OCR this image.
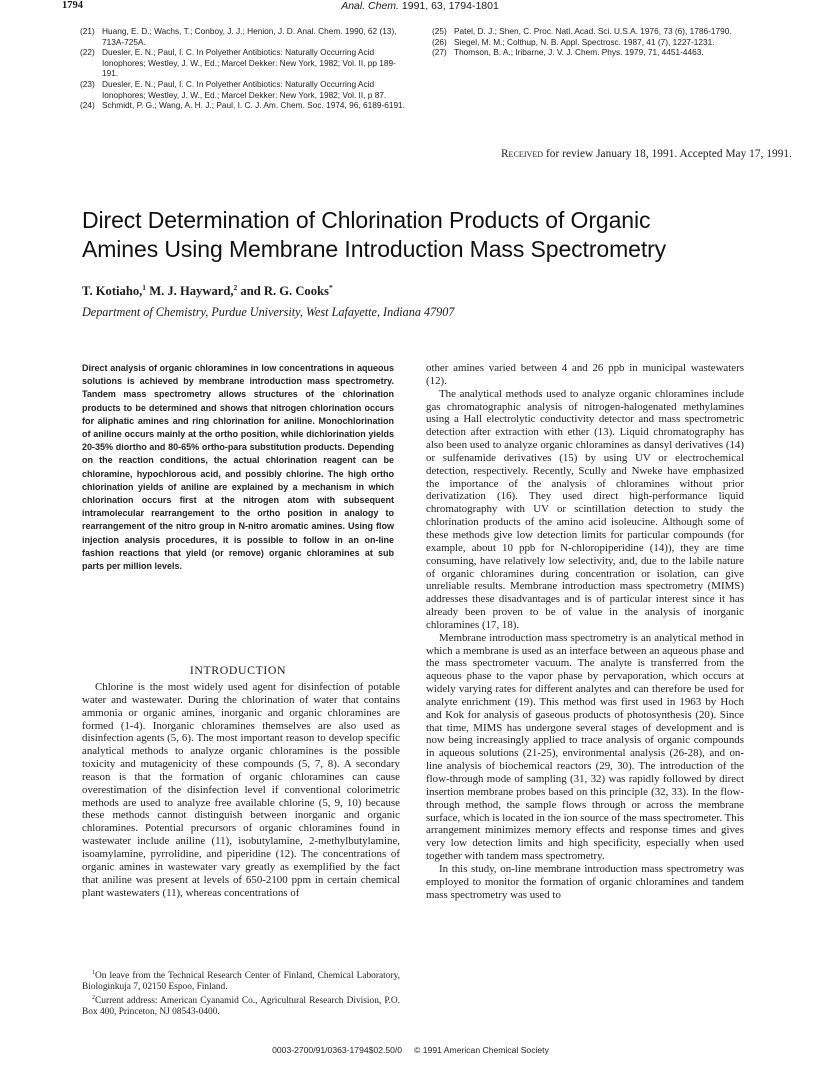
1794	Anal. Chem. 1991, 63, 1794-1801

(21) Huang, E. D.; Wachs, T.; Conboy, J. J.; Henion, J. D. Anal. Chem. 1990, 62 (13), 713A-725A.

(22) Duesler, E. N.; Paul, I. C. In Polyether Antibiotics: Naturally Occurring Acid Ionophores; Westley, J. W., Ed.; Marcel Dekker: New York, 1982; Vol. II, pp 189-191.

(23) Duesler, E. N.; Paul, I. C. In Polyether Antibiotics: Naturally Occurring Acid Ionophores; Westley, J. W., Ed.; Marcel Dekker: New York, 1982; Vol. II, p 87.

(24) Schmidt, P. G.; Wang, A. H. J.; Paul, I. C. J. Am. Chem. Soc. 1974, 96, 6189-6191.

(25) Patel, D. J.; Shen, C. Proc. Natl. Acad. Sci. U.S.A. 1976, 73 (6), 1786-1790.

(26) Siegel, M. M.; Colthup, N. B. Appl. Spectrosc. 1987, 41 (7), 1227-1231.

(27) Thomson, B. A.; Iribarne, J. V. J. Chem. Phys. 1979, 71, 4451-4463.

Received for review January 18, 1991. Accepted May 17, 1991.
Direct Determination of Chlorination Products of Organic
Amines Using Membrane Introduction Mass Spectrometry
T. Kotiaho,$^1$ M. J. Hayward,$^2$ and R. G. Cooks*
Department of Chemistry, Purdue University, West Lafayette, Indiana 47907
Direct analysis of organic chloramines in low concentrations in aqueous solutions is achieved by membrane introduction mass spectrometry. Tandem mass spectrometry allows structures of the chlorination products to be determined and shows that nitrogen chlorination occurs for aliphatic amines and ring chlorination for aniline. Monochlorination of aniline occurs mainly at the ortho position, while dichlorination yields 20-35% diortho and 80-65% ortho-para substitution products. Depending on the reaction conditions, the actual chlorination reagent can be chloramine, hypochlorous acid, and possibly chlorine. The high ortho chlorination yields of aniline are explained by a mechanism in which chlorination occurs first at the nitrogen atom with subsequent intramolecular rearrangement to the ortho position in analogy to rearrangement of the nitro group in N-nitro aromatic amines. Using flow injection analysis procedures, it is possible to follow in an on-line fashion reactions that yield (or remove) organic chloramines at sub parts per million levels.
INTRODUCTION

Chlorine is the most widely used agent for disinfection of potable water and wastewater. During the chlorination of water that contains ammonia or organic amines, inorganic and organic chloramines are formed (1-4). Inorganic chloramines themselves are also used as disinfection agents (5, 6). The most important reason to develop specific analytical methods to analyze organic chloramines is the possible toxicity and mutagenicity of these compounds (5, 7, 8). A secondary reason is that the formation of organic chloramines can cause overestimation of the disinfection level if conventional colorimetric methods are used to analyze free available chlorine (5, 9, 10) because these methods cannot distinguish between inorganic and organic chloramines. Potential precursors of organic chloramines found in wastewater include aniline (11), isobutylamine, 2-methylbutylamine, isoamylamine, pyrrolidine, and piperidine (12). The concentrations of organic amines in wastewater vary greatly as exemplified by the fact that aniline was present at levels of 650-2100 ppm in certain chemical plant wastewaters (11), whereas concentrations of

other amines varied between 4 and 26 ppb in municipal wastewaters (12).

The analytical methods used to analyze organic chloramines include gas chromatographic analysis of nitrogen-halogenated methylamines using a Hall electrolytic conductivity detector and mass spectrometric detection after extraction with ether (13). Liquid chromatography has also been used to analyze organic chloramines as dansyl derivatives (14) or sulfenamide derivatives (15) by using UV or electrochemical detection, respectively. Recently, Scully and Nweke have emphasized the importance of the analysis of chloramines without prior derivatization (16). They used direct high-performance liquid chromatography with UV or scintillation detection to study the chlorination products of the amino acid isoleucine. Although some of these methods give low detection limits for particular compounds (for example, about 10 ppb for N-chloropiperidine (14)), they are time consuming, have relatively low selectivity, and, due to the labile nature of organic chloramines during concentration or isolation, can give unreliable results. Membrane introduction mass spectrometry (MIMS) addresses these disadvantages and is of particular interest since it has already been proven to be of value in the analysis of inorganic chloramines (17, 18).

Membrane introduction mass spectrometry is an analytical method in which a membrane is used as an interface between an aqueous phase and the mass spectrometer vacuum. The analyte is transferred from the aqueous phase to the vapor phase by pervaporation, which occurs at widely varying rates for different analytes and can therefore be used for analyte enrichment (19). This method was first used in 1963 by Hoch and Kok for analysis of gaseous products of photosynthesis (20). Since that time, MIMS has undergone several stages of development and is now being increasingly applied to trace analysis of organic compounds in aqueous solutions (21-25), environmental analysis (26-28), and on-line analysis of biochemical reactors (29, 30). The introduction of the flow-through mode of sampling (31, 32) was rapidly followed by direct insertion membrane probes based on this principle (32, 33). In the flow-through method, the sample flows through or across the membrane surface, which is located in the ion source of the mass spectrometer. This arrangement minimizes memory effects and response times and gives very low detection limits and high specificity, especially when used together with tandem mass spectrometry.

In this study, on-line membrane introduction mass spectrometry was employed to monitor the formation of organic chloramines and tandem mass spectrometry was used to

$^1$On leave from the Technical Research Center of Finland, Chemical Laboratory, Biologinkuja 7, 02150 Espoo, Finland.

$^2$Current address: American Cyanamid Co., Agricultural Research Division, P.O. Box 400, Princeton, NJ 08543-0400.

0003-2700/91/0363-1794$02.50/0 © 1991 American Chemical Society
